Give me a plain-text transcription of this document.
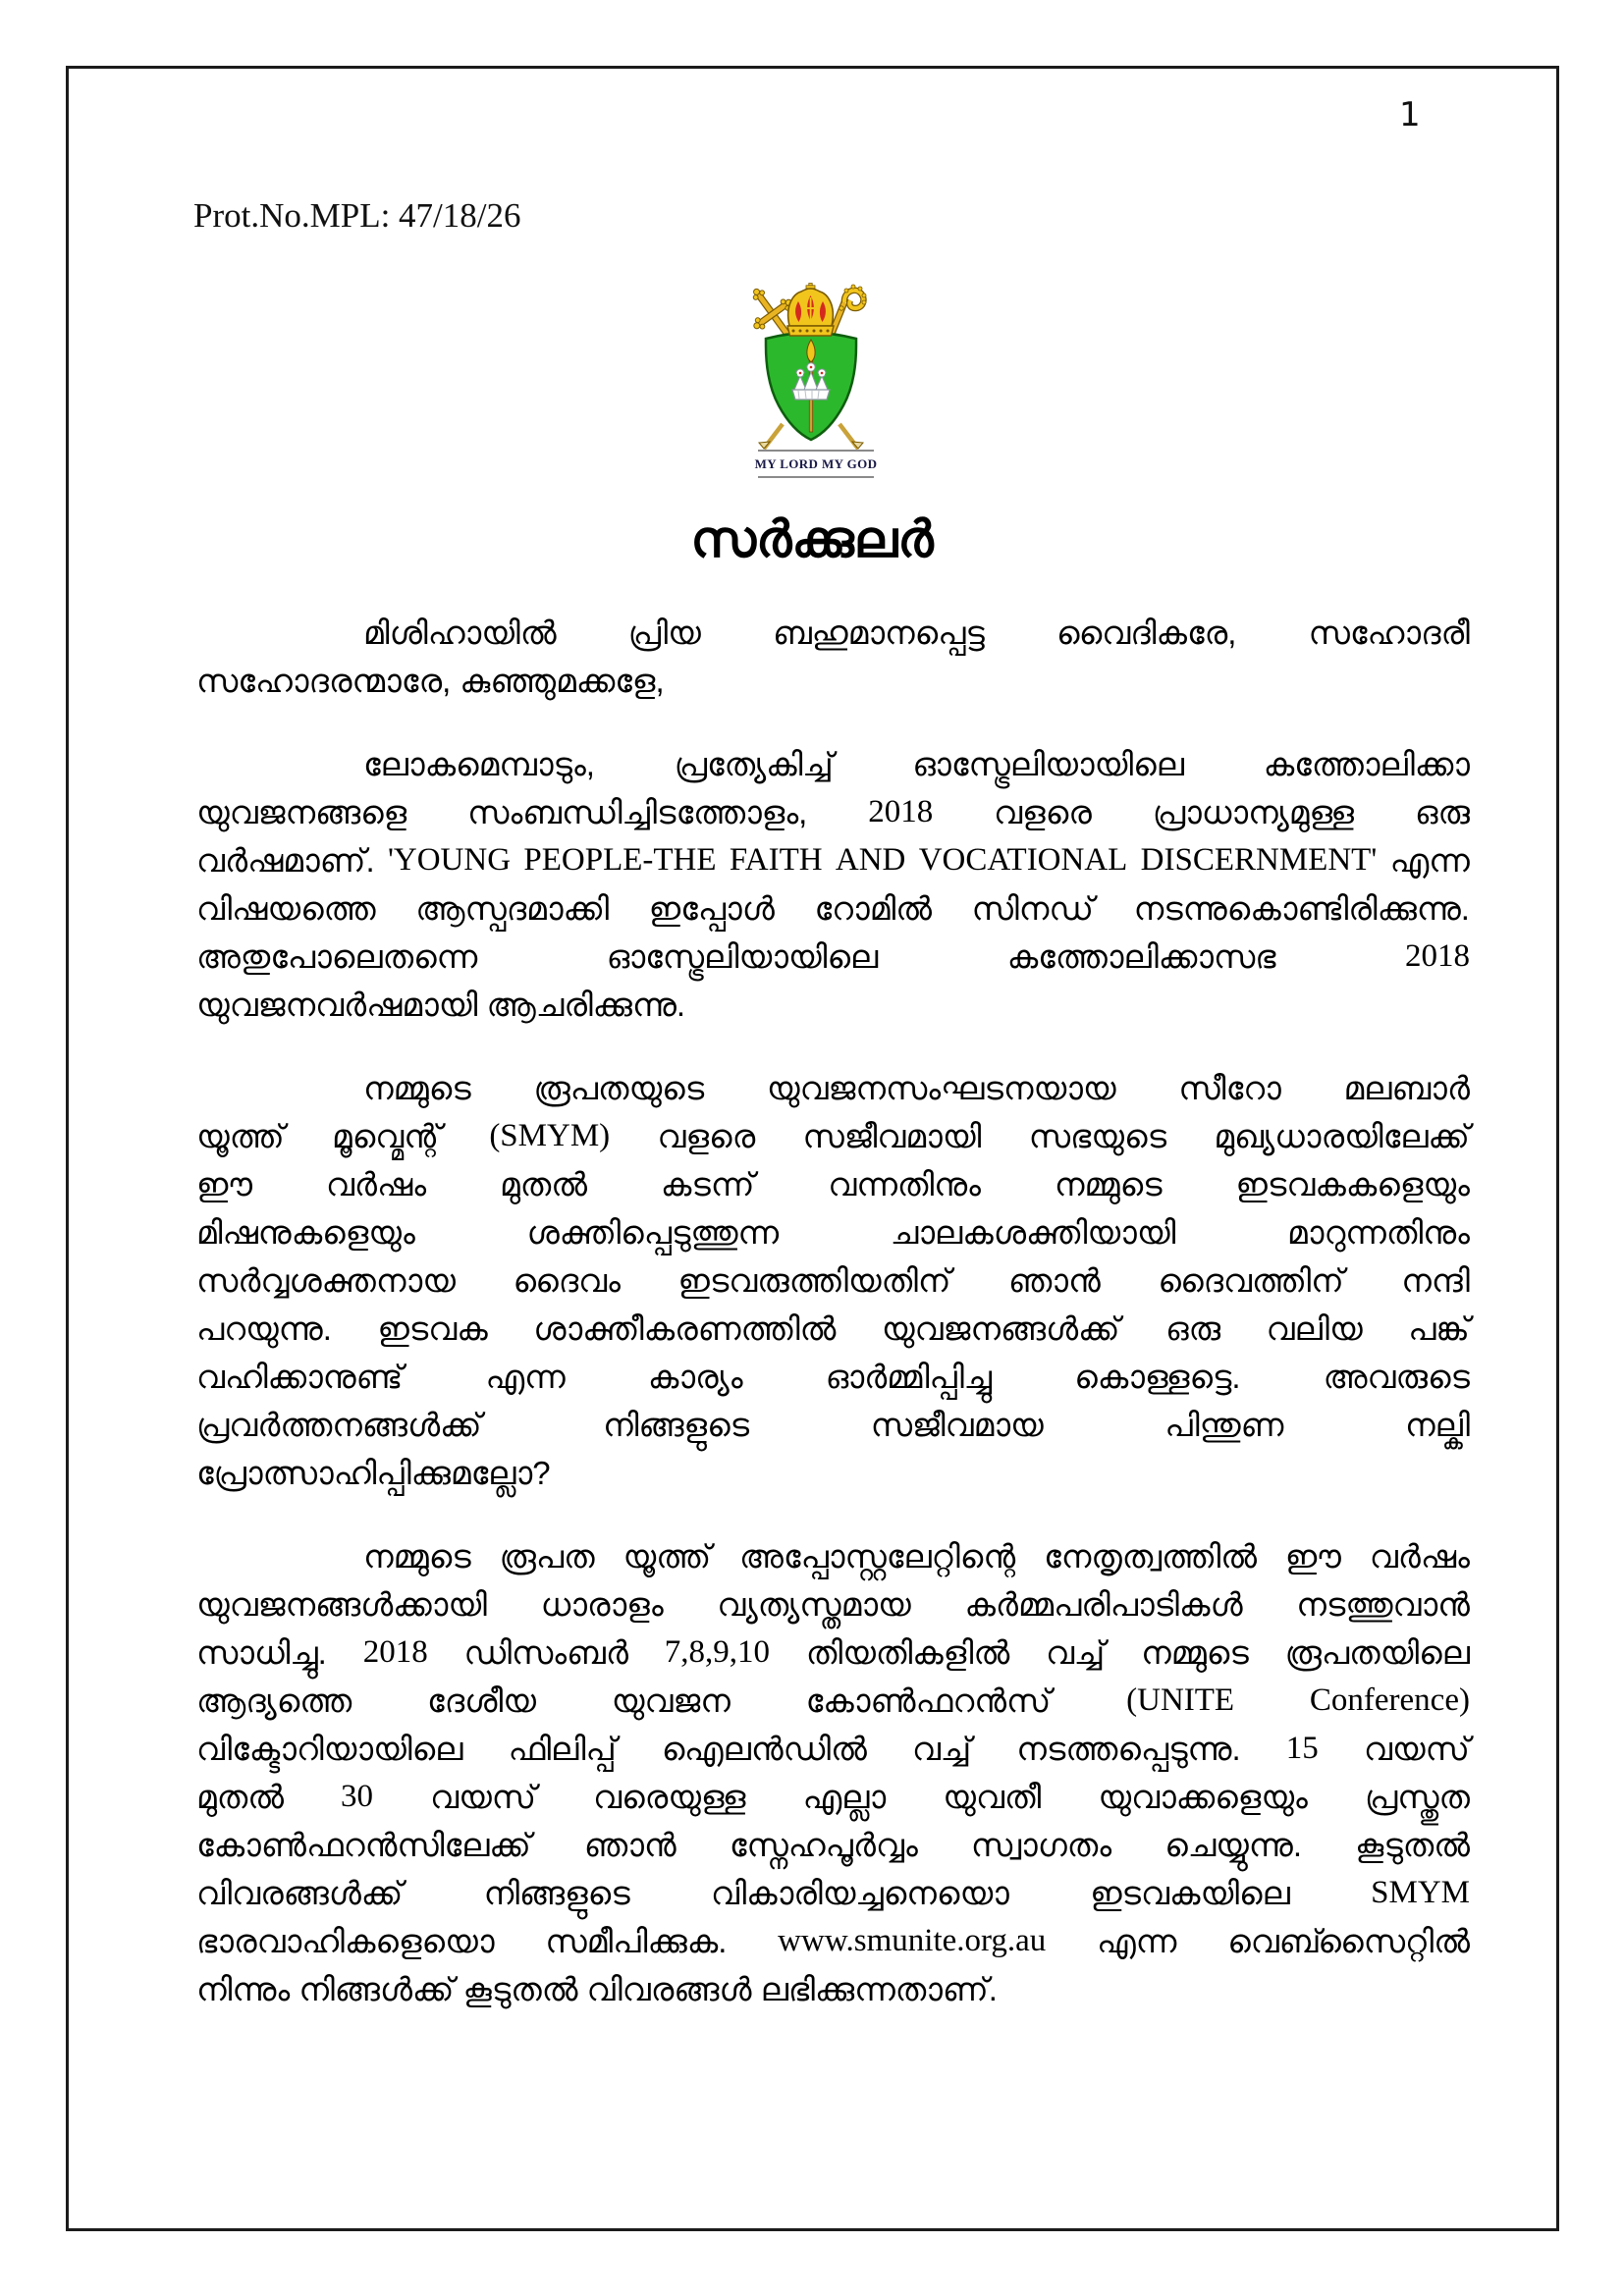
1
Prot.No.MPL: 47/18/26
MY LORD MY GOD
സർക്കുലർ
മിശിഹായിൽ പ്രിയ ബഹുമാനപ്പെട്ട വൈദികരേ, സഹോദരീ
സഹോദരന്മാരേ, കുഞ്ഞുമക്കളേ,
ലോകമെമ്പാടും, പ്രത്യേകിച്ച് ഓസ്ട്രേലിയായിലെ കത്തോലിക്കാ
യുവജനങ്ങളെ സംബന്ധിച്ചിടത്തോളം, 2018 വളരെ പ്രാധാന്യമുള്ള ഒരു
വർഷമാണ്. 'YOUNG PEOPLE-THE FAITH AND VOCATIONAL DISCERNMENT' എന്ന
വിഷയത്തെ ആസ്പദമാക്കി ഇപ്പോൾ റോമിൽ സിനഡ് നടന്നുകൊണ്ടിരിക്കുന്നു.
അതുപോലെതന്നെ	ഓസ്ട്രേലിയായിലെ	കത്തോലിക്കാസഭ	2018
യുവജനവർഷമായി ആചരിക്കുന്നു.
നമ്മുടെ രൂപതയുടെ യുവജനസംഘടനയായ സീറോ മലബാർ
യൂത്ത് മൂവ്മെന്റ് (SMYM) വളരെ സജീവമായി സഭയുടെ മുഖ്യധാരയിലേക്ക്
ഈ വർഷം മുതൽ കടന്ന് വന്നതിനും നമ്മുടെ ഇടവകകളെയും
മിഷനുകളെയും	ശക്തിപ്പെടുത്തുന്ന	ചാലകശക്തിയായി	മാറുന്നതിനും
സർവ്വശക്തനായ ദൈവം ഇടവരുത്തിയതിന് ഞാൻ ദൈവത്തിന് നന്ദി
പറയുന്നു. ഇടവക ശാക്തീകരണത്തിൽ യുവജനങ്ങൾക്ക് ഒരു വലിയ പങ്ക്
വഹിക്കാനുണ്ട്	എന്ന	കാര്യം	ഓർമ്മിപ്പിച്ചു	കൊള്ളട്ടെ.	അവരുടെ
പ്രവർത്തനങ്ങൾക്ക്	നിങ്ങളുടെ	സജീവമായ	പിന്തുണ	നല്കി
പ്രോത്സാഹിപ്പിക്കുമല്ലോ?
നമ്മുടെ രൂപത യൂത്ത് അപ്പോസ്റ്റലേറ്റിന്റെ നേതൃത്വത്തിൽ ഈ വർഷം
യുവജനങ്ങൾക്കായി ധാരാളം വ്യത്യസ്തമായ കർമ്മപരിപാടികൾ നടത്തുവാൻ
സാധിച്ചു. 2018 ഡിസംബർ 7,8,9,10 തിയതികളിൽ വച്ച് നമ്മുടെ രൂപതയിലെ
ആദ്യത്തെ ദേശീയ യുവജന കോൺഫറൻസ് (UNITE Conference)
വിക്ടോറിയായിലെ ഫിലിപ്പ് ഐലൻഡിൽ വച്ച് നടത്തപ്പെടുന്നു. 15 വയസ്
മുതൽ 30 വയസ് വരെയുള്ള എല്ലാ യുവതീ യുവാക്കളെയും പ്രസ്തുത
കോൺഫറൻസിലേക്ക് ഞാൻ സ്നേഹപൂർവ്വം സ്വാഗതം ചെയ്യുന്നു. കൂടുതൽ
വിവരങ്ങൾക്ക് നിങ്ങളുടെ വികാരിയച്ചനെയൊ ഇടവകയിലെ SMYM
ഭാരവാഹികളെയൊ സമീപിക്കുക. www.smunite.org.au എന്ന വെബ്സൈറ്റിൽ
നിന്നും നിങ്ങൾക്ക് കൂടുതൽ വിവരങ്ങൾ ലഭിക്കുന്നതാണ്.
